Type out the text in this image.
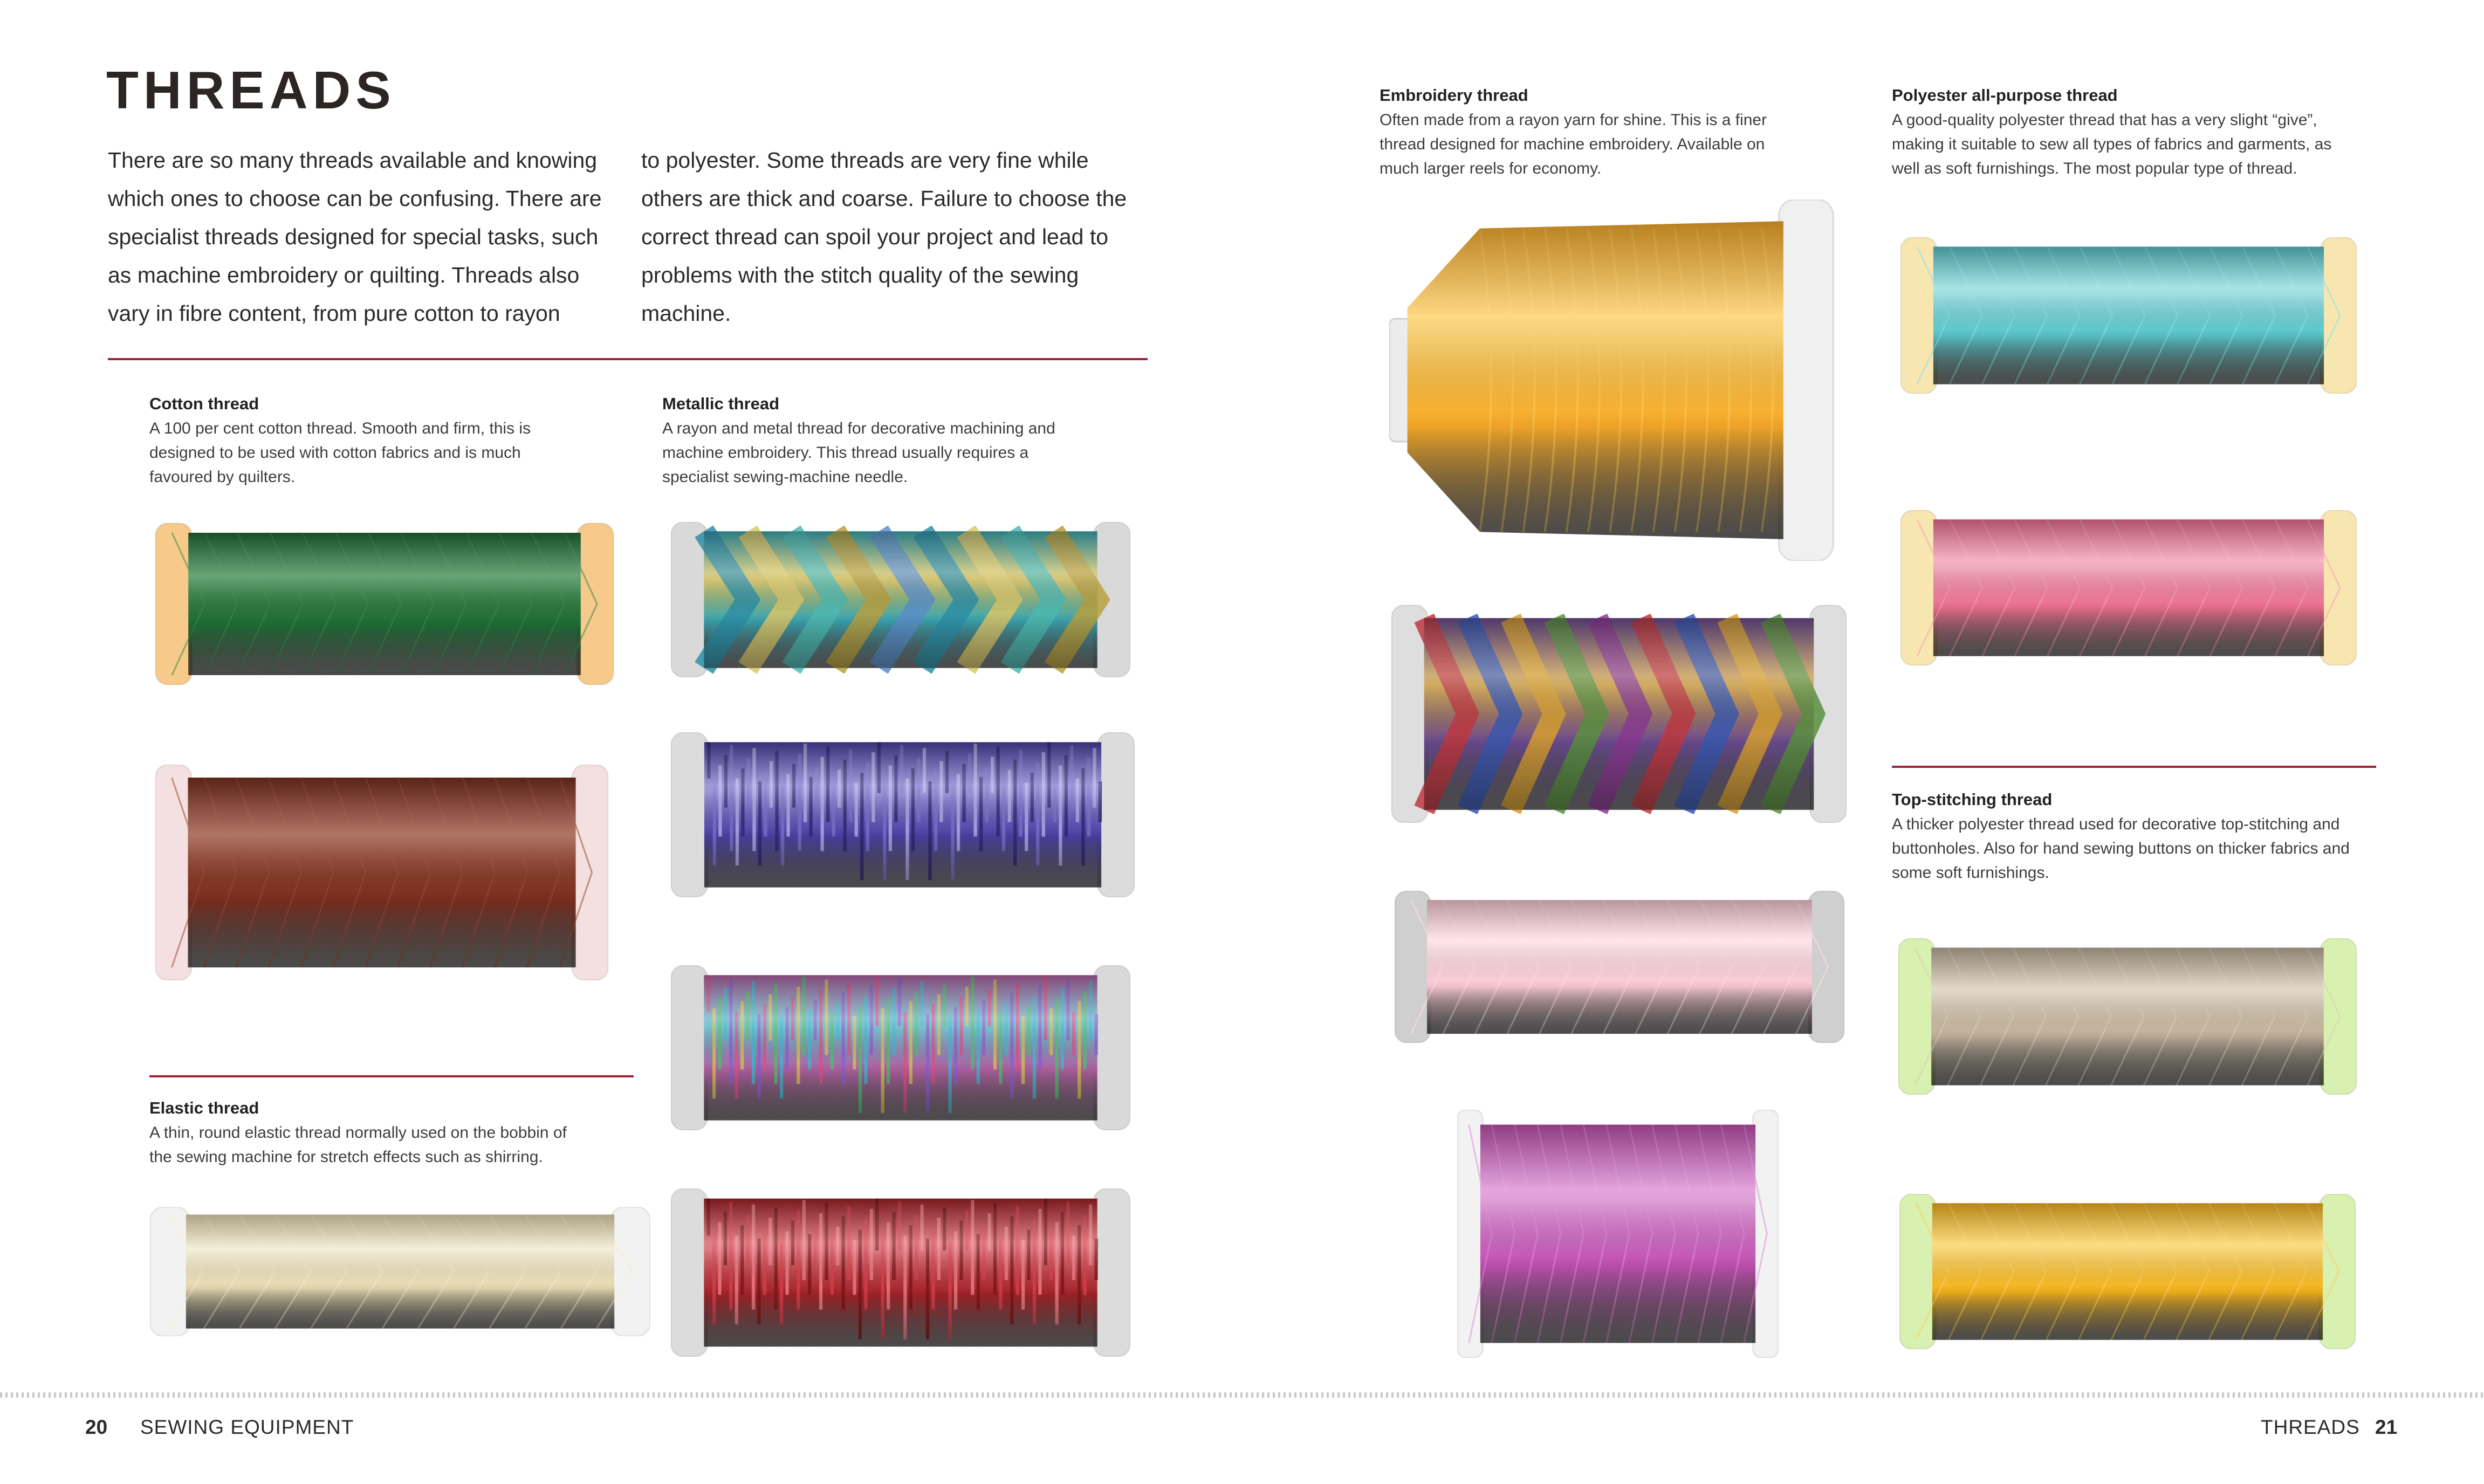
THREADS

There are so many threads available and knowing which ones to choose can be confusing. There are specialist threads designed for special tasks, such as machine embroidery or quilting. Threads also vary in fibre content, from pure cotton to rayon

to polyester. Some threads are very fine while others are thick and coarse. Failure to choose the correct thread can spoil your project and lead to problems with the stitch quality of the sewing machine.

Cotton thread
A 100 per cent cotton thread. Smooth and firm, this is designed to be used with cotton fabrics and is much favoured by quilters.
Metallic thread
A rayon and metal thread for decorative machining and machine embroidery. This thread usually requires a specialist sewing-machine needle.
Elastic thread
A thin, round elastic thread normally used on the bobbin of the sewing machine for stretch effects such as shirring.
Embroidery thread
Often made from a rayon yarn for shine. This is a finer thread designed for machine embroidery. Available on much larger reels for economy.
Polyester all-purpose thread
A good-quality polyester thread that has a very slight “give”, making it suitable to sew all types of fabrics and garments, as well as soft furnishings. The most popular type of thread.
Top-stitching thread
A thicker polyester thread used for decorative top-stitching and buttonholes. Also for hand sewing buttons on thicker fabrics and some soft furnishings.
20 SEWING EQUIPMENT	THREADS 21
